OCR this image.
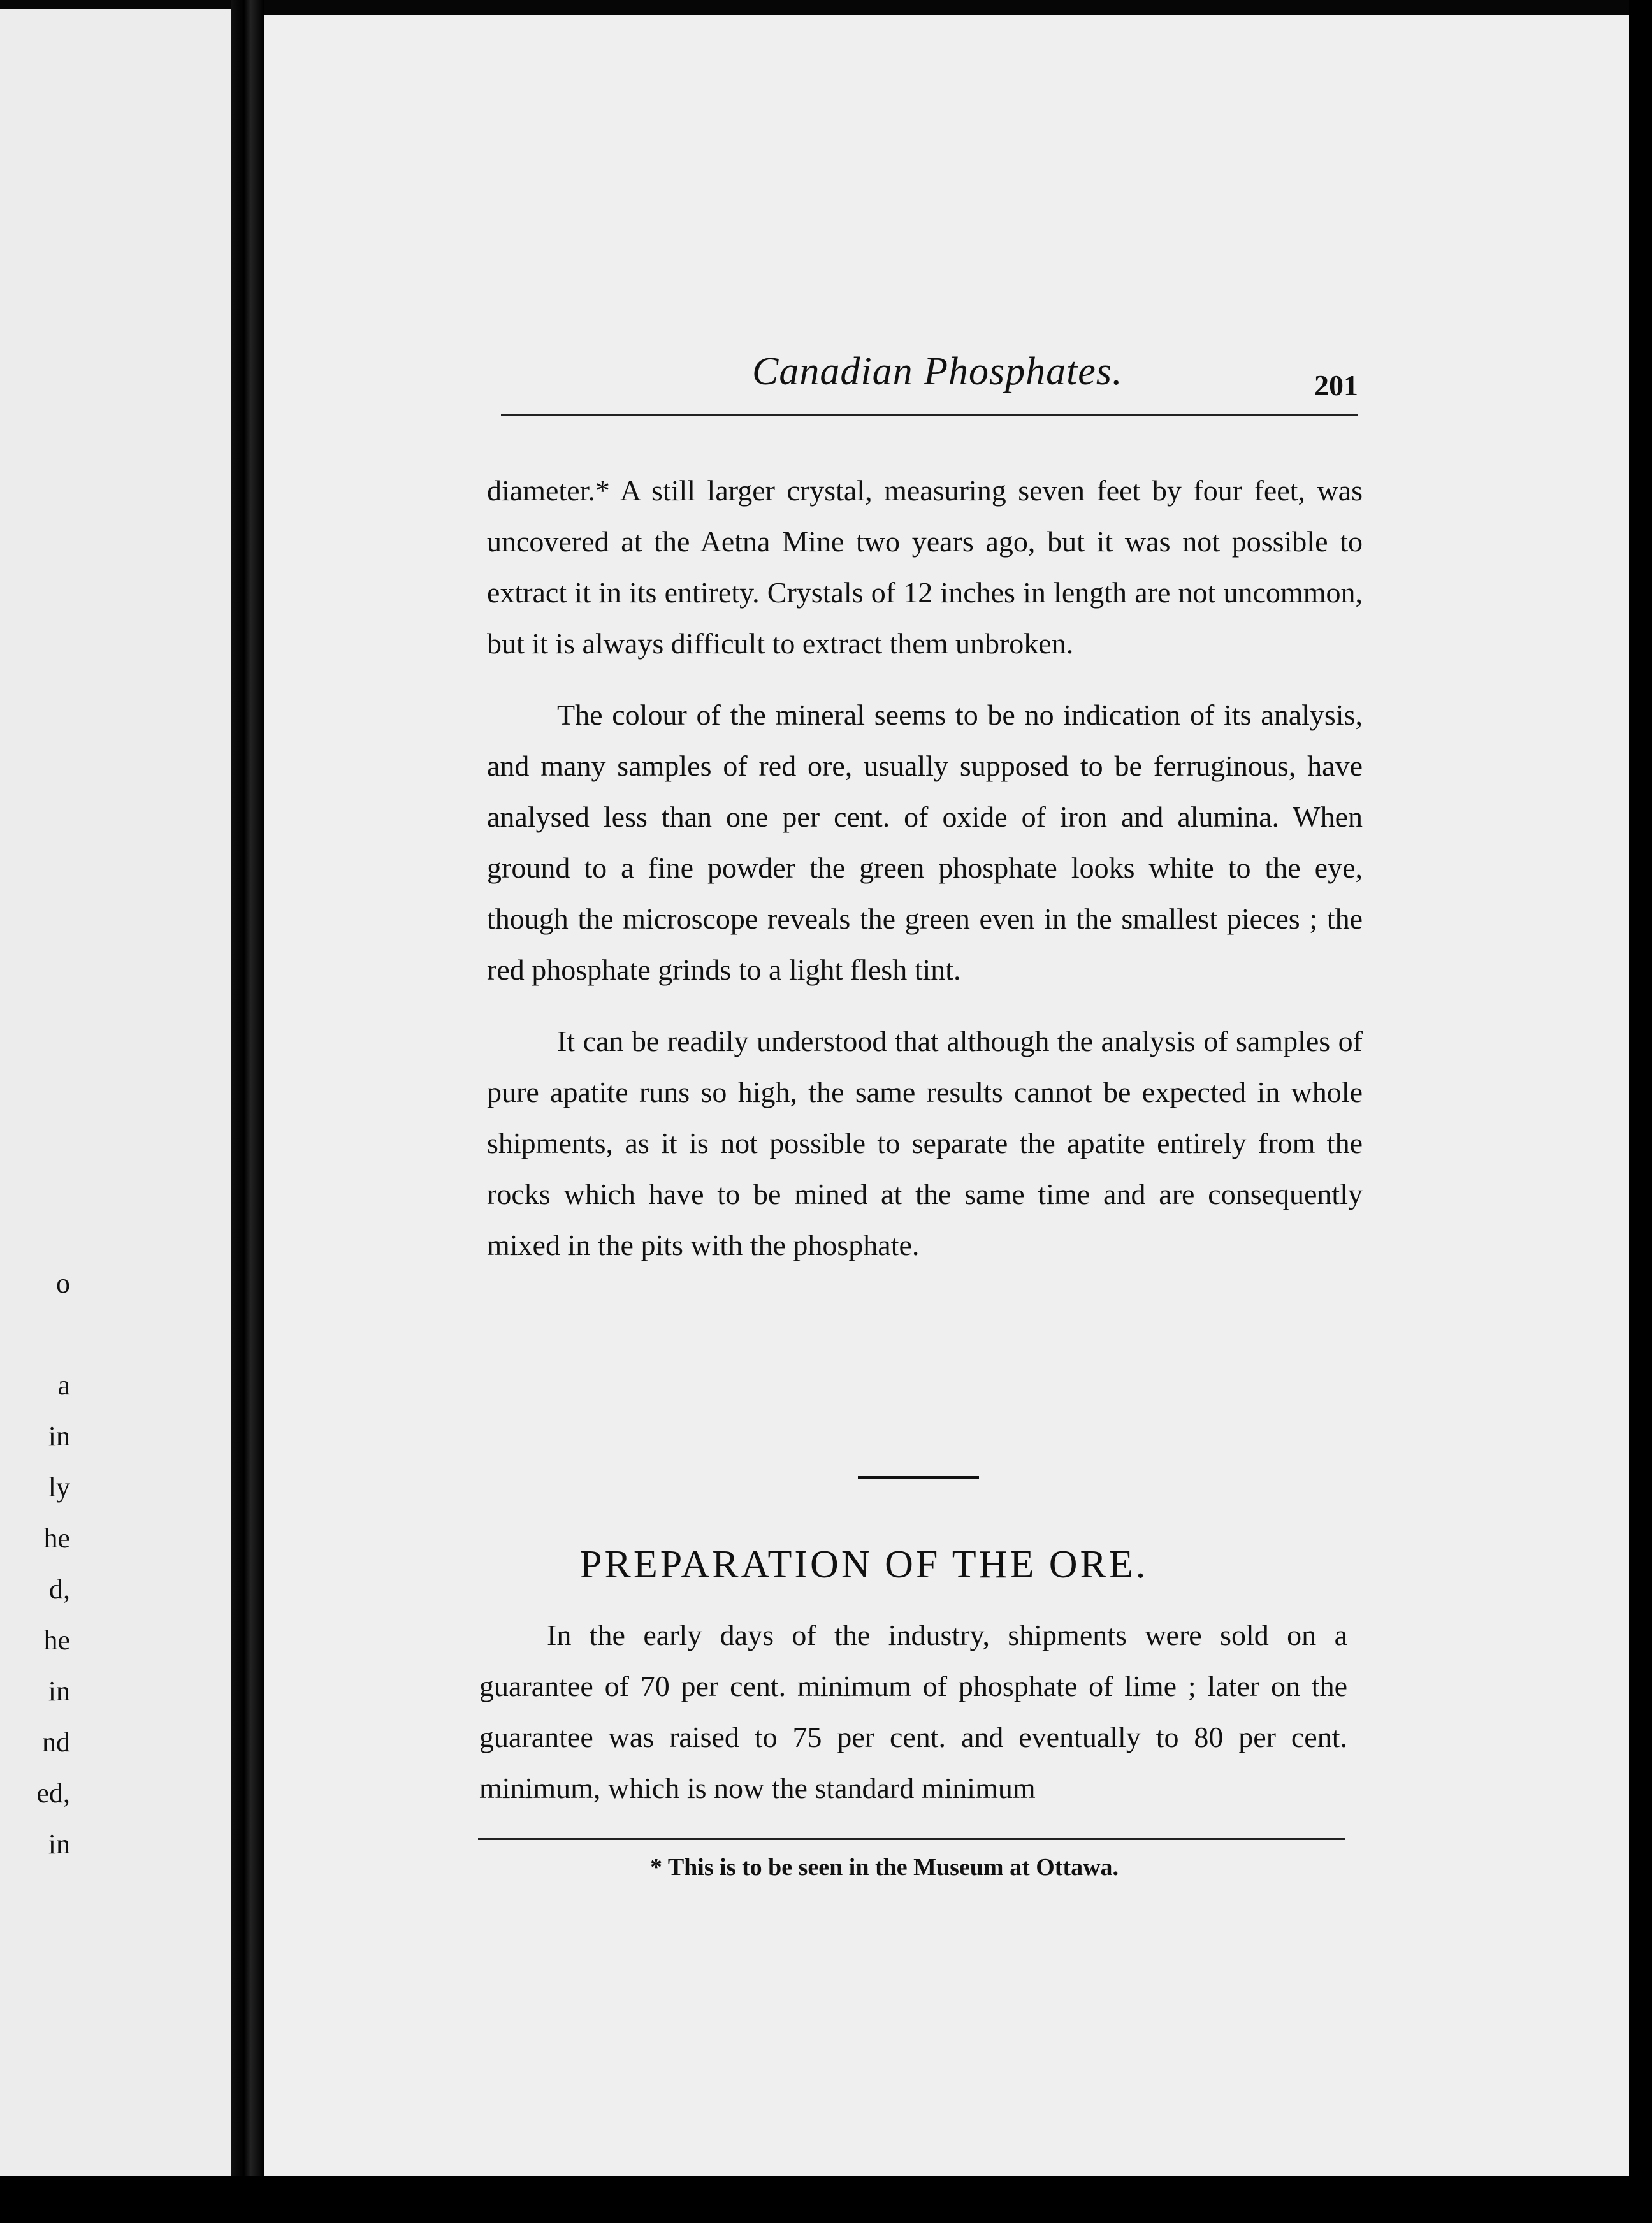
o

a
in
ly
he
d,
he
in
nd
ed,
in
Canadian Phosphates.	201

diameter.* A still larger crystal, measuring seven feet by four feet, was uncovered at the Aetna Mine two years ago, but it was not possible to extract it in its entirety. Crystals of 12 inches in length are not uncommon, but it is always difficult to extract them unbroken.

The colour of the mineral seems to be no indication of its analysis, and many samples of red ore, usually supposed to be ferruginous, have analysed less than one per cent. of oxide of iron and alumina. When ground to a fine powder the green phosphate looks white to the eye, though the microscope reveals the green even in the smallest pieces ; the red phosphate grinds to a light flesh tint.

It can be readily understood that although the analysis of samples of pure apatite runs so high, the same results cannot be expected in whole shipments, as it is not possible to separate the apatite entirely from the rocks which have to be mined at the same time and are consequently mixed in the pits with the phosphate.

PREPARATION OF THE ORE.

In the early days of the industry, shipments were sold on a guarantee of 70 per cent. minimum of phosphate of lime ; later on the guarantee was raised to 75 per cent. and eventually to 80 per cent. minimum, which is now the standard minimum

* This is to be seen in the Museum at Ottawa.
